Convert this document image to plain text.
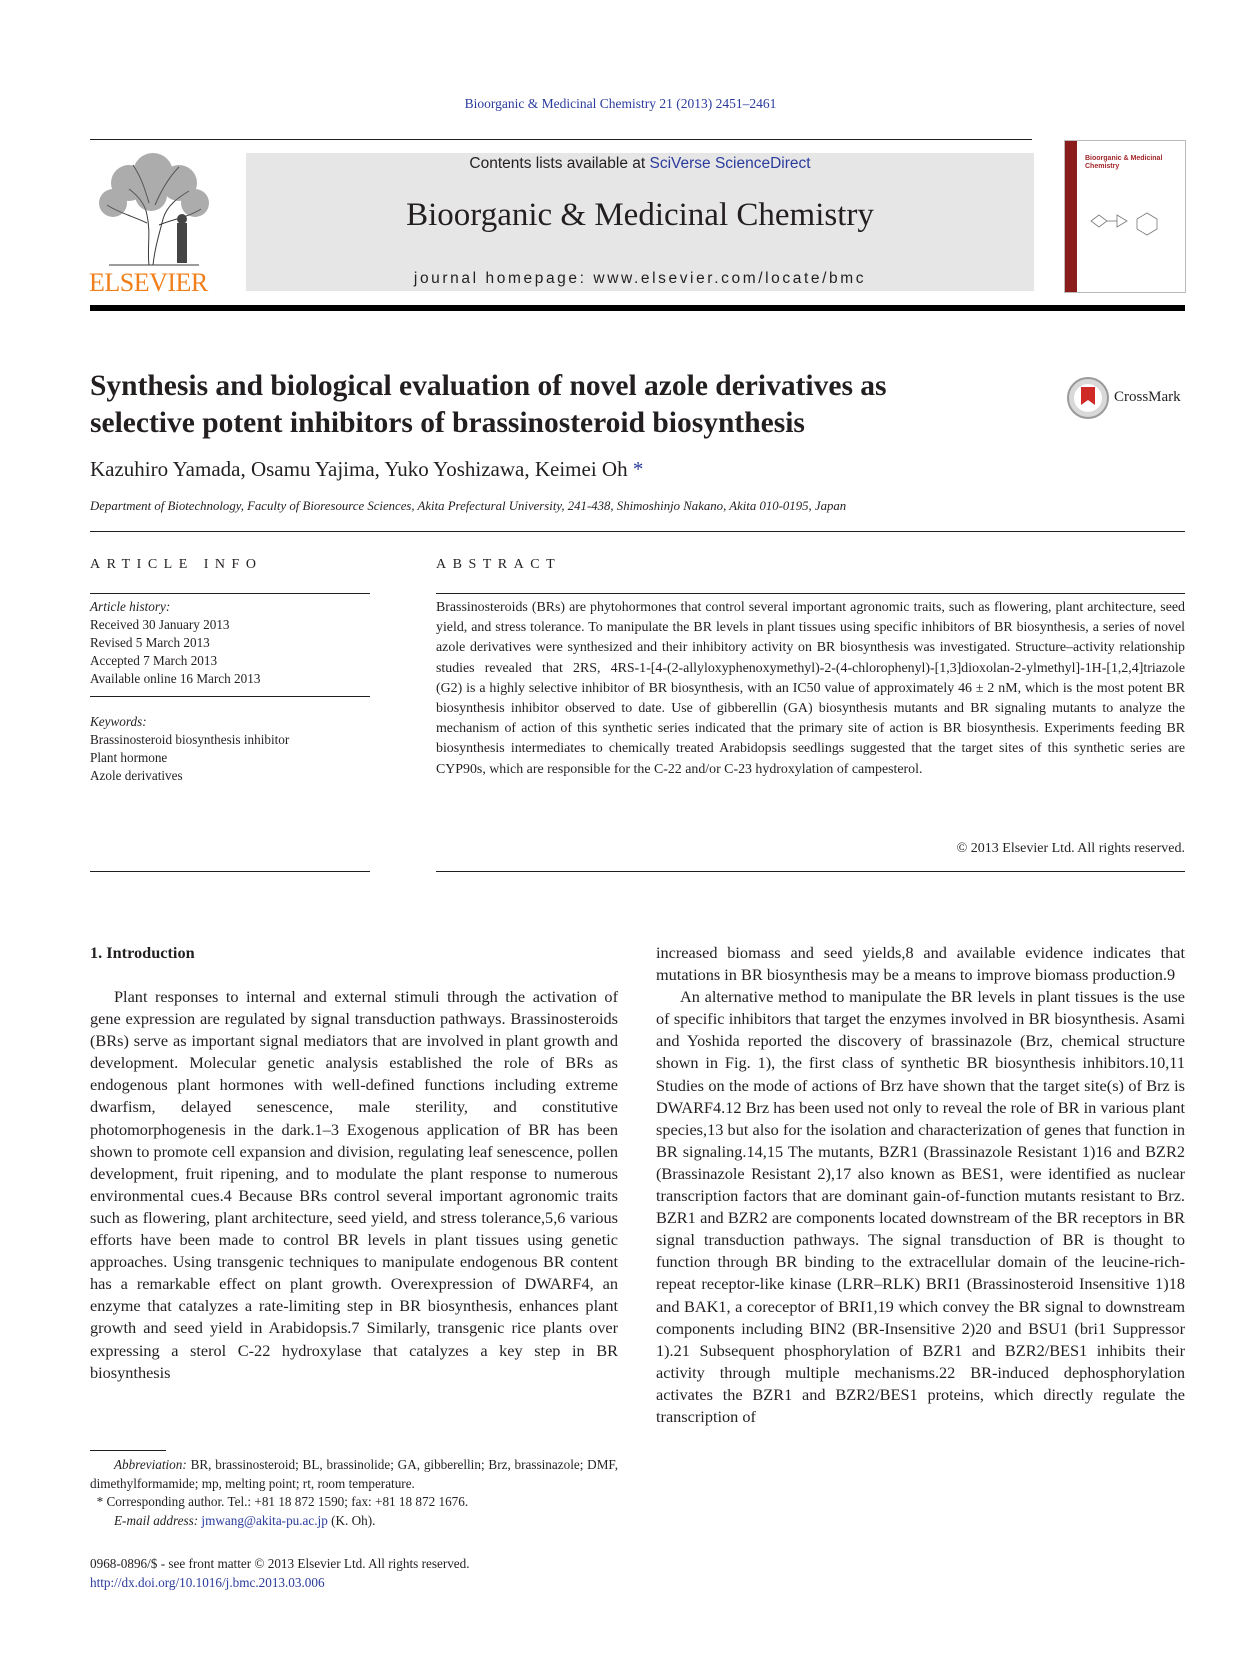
Bioorganic & Medicinal Chemistry 21 (2013) 2451–2461
ELSEVIER
Contents lists available at SciVerse ScienceDirect
Bioorganic & Medicinal Chemistry
journal homepage: www.elsevier.com/locate/bmc
Bioorganic & Medicinal Chemistry
Synthesis and biological evaluation of novel azole derivatives as
selective potent inhibitors of brassinosteroid biosynthesis
CrossMark
Kazuhiro Yamada, Osamu Yajima, Yuko Yoshizawa, Keimei Oh *
Department of Biotechnology, Faculty of Bioresource Sciences, Akita Prefectural University, 241-438, Shimoshinjo Nakano, Akita 010-0195, Japan
ARTICLE INFO
Article history:
Received 30 January 2013
Revised 5 March 2013
Accepted 7 March 2013
Available online 16 March 2013
Keywords:
Brassinosteroid biosynthesis inhibitor
Plant hormone
Azole derivatives
ABSTRACT
Brassinosteroids (BRs) are phytohormones that control several important agronomic traits, such as flowering, plant architecture, seed yield, and stress tolerance. To manipulate the BR levels in plant tissues using specific inhibitors of BR biosynthesis, a series of novel azole derivatives were synthesized and their inhibitory activity on BR biosynthesis was investigated. Structure–activity relationship studies revealed that 2RS, 4RS-1-[4-(2-allyloxyphenoxymethyl)-2-(4-chlorophenyl)-[1,3]dioxolan-2-ylmethyl]-1H-[1,2,4]triazole (G2) is a highly selective inhibitor of BR biosynthesis, with an IC50 value of approximately 46 ± 2 nM, which is the most potent BR biosynthesis inhibitor observed to date. Use of gibberellin (GA) biosynthesis mutants and BR signaling mutants to analyze the mechanism of action of this synthetic series indicated that the primary site of action is BR biosynthesis. Experiments feeding BR biosynthesis intermediates to chemically treated Arabidopsis seedlings suggested that the target sites of this synthetic series are CYP90s, which are responsible for the C-22 and/or C-23 hydroxylation of campesterol.
© 2013 Elsevier Ltd. All rights reserved.
1. Introduction

Plant responses to internal and external stimuli through the activation of gene expression are regulated by signal transduction pathways. Brassinosteroids (BRs) serve as important signal mediators that are involved in plant growth and development. Molecular genetic analysis established the role of BRs as endogenous plant hormones with well-defined functions including extreme dwarfism, delayed senescence, male sterility, and constitutive photomorphogenesis in the dark.1–3 Exogenous application of BR has been shown to promote cell expansion and division, regulating leaf senescence, pollen development, fruit ripening, and to modulate the plant response to numerous environmental cues.4 Because BRs control several important agronomic traits such as flowering, plant architecture, seed yield, and stress tolerance,5,6 various efforts have been made to control BR levels in plant tissues using genetic approaches. Using transgenic techniques to manipulate endogenous BR content has a remarkable effect on plant growth. Overexpression of DWARF4, an enzyme that catalyzes a rate-limiting step in BR biosynthesis, enhances plant growth and seed yield in Arabidopsis.7 Similarly, transgenic rice plants over expressing a sterol C-22 hydroxylase that catalyzes a key step in BR biosynthesis

increased biomass and seed yields,8 and available evidence indicates that mutations in BR biosynthesis may be a means to improve biomass production.9

An alternative method to manipulate the BR levels in plant tissues is the use of specific inhibitors that target the enzymes involved in BR biosynthesis. Asami and Yoshida reported the discovery of brassinazole (Brz, chemical structure shown in Fig. 1), the first class of synthetic BR biosynthesis inhibitors.10,11 Studies on the mode of actions of Brz have shown that the target site(s) of Brz is DWARF4.12 Brz has been used not only to reveal the role of BR in various plant species,13 but also for the isolation and characterization of genes that function in BR signaling.14,15 The mutants, BZR1 (Brassinazole Resistant 1)16 and BZR2 (Brassinazole Resistant 2),17 also known as BES1, were identified as nuclear transcription factors that are dominant gain-of-function mutants resistant to Brz. BZR1 and BZR2 are components located downstream of the BR receptors in BR signal transduction pathways. The signal transduction of BR is thought to function through BR binding to the extracellular domain of the leucine-rich-repeat receptor-like kinase (LRR–RLK) BRI1 (Brassinosteroid Insensitive 1)18 and BAK1, a coreceptor of BRI1,19 which convey the BR signal to downstream components including BIN2 (BR-Insensitive 2)20 and BSU1 (bri1 Suppressor 1).21 Subsequent phosphorylation of BZR1 and BZR2/BES1 inhibits their activity through multiple mechanisms.22 BR-induced dephosphorylation activates the BZR1 and BZR2/BES1 proteins, which directly regulate the transcription of

Abbreviation: BR, brassinosteroid; BL, brassinolide; GA, gibberellin; Brz, brassinazole; DMF, dimethylformamide; mp, melting point; rt, room temperature.

* Corresponding author. Tel.: +81 18 872 1590; fax: +81 18 872 1676.

E-mail address: jmwang@akita-pu.ac.jp (K. Oh).

0968-0896/$ - see front matter © 2013 Elsevier Ltd. All rights reserved.
http://dx.doi.org/10.1016/j.bmc.2013.03.006
